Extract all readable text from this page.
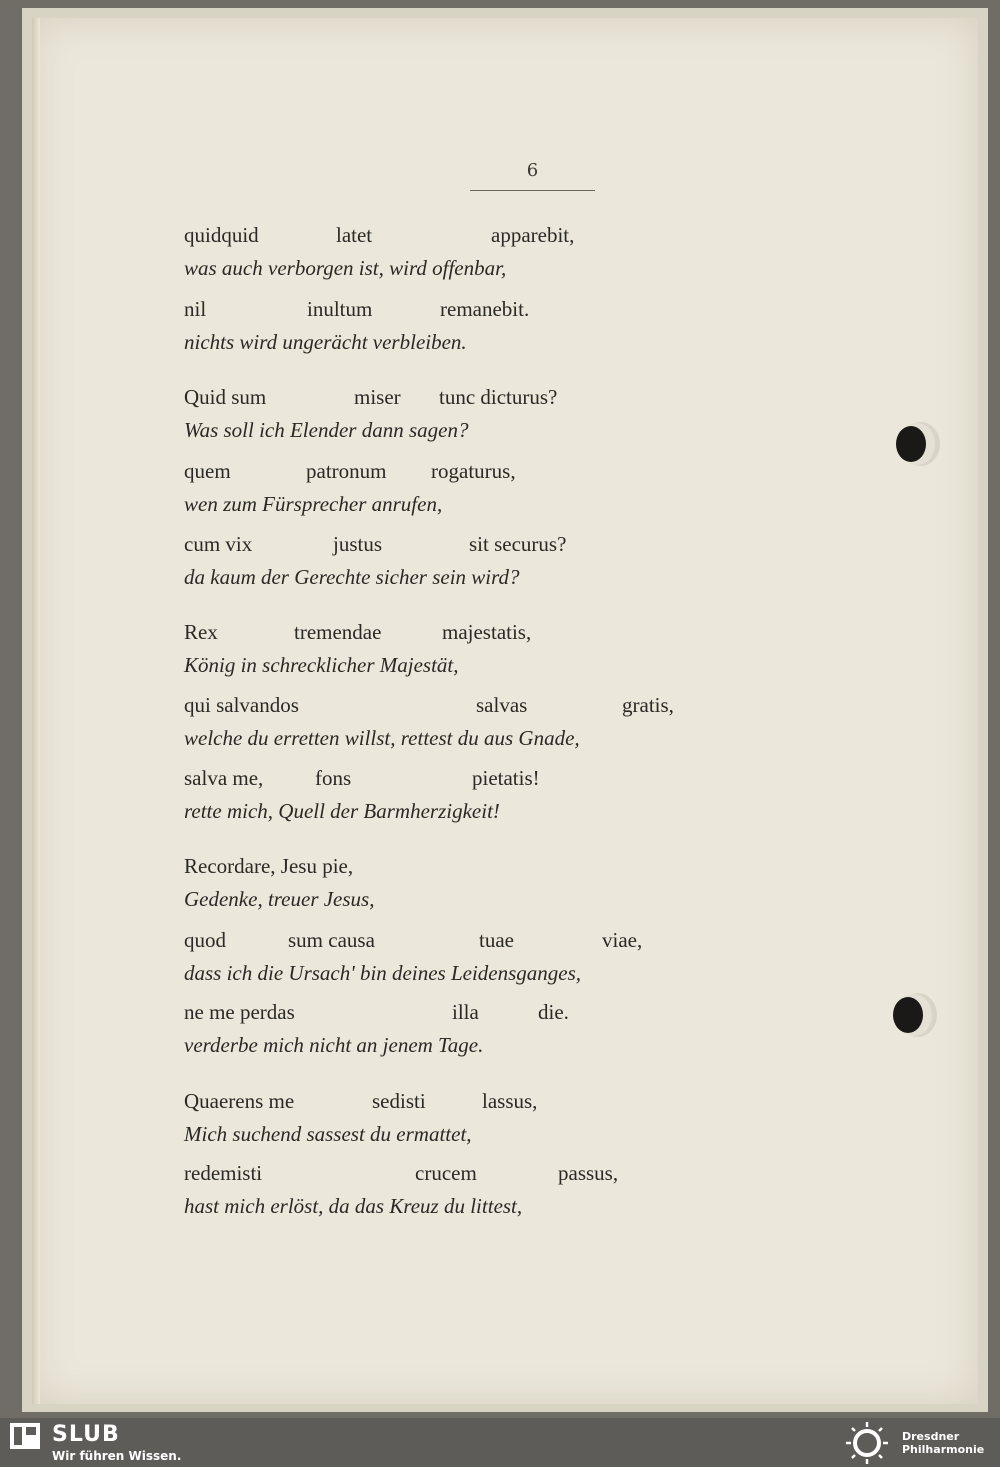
6
quidquid	latet	apparebit,
was auch verborgen ist, wird offenbar,
nil	inultum	remanebit.
nichts wird ungerächt verbleiben.
Quid sum	miser tunc dicturus?
Was soll ich Elender dann sagen?
quem	patronum rogaturus,
wen zum Fürsprecher anrufen,
cum vix	justus	sit securus?
da kaum der Gerechte sicher sein wird?
Rex	tremendae	majestatis,
König in schrecklicher Majestät,
qui salvandos	salvas	gratis,
welche du erretten willst, rettest du aus Gnade,
salva me, fons	pietatis!
rette mich, Quell der Barmherzigkeit!
Recordare, Jesu pie,
Gedenke, treuer Jesus,
quod	sum causa	tuae	viae,
dass ich die Ursach' bin deines Leidensganges,
ne me perdas	illa	die.
verderbe mich nicht an jenem Tage.
Quaerens me	sedisti	lassus,
Mich suchend sassest du ermattet,
redemisti	crucem	passus,
hast mich erlöst, da das Kreuz du littest,
SLUB
Wir führen Wissen.
Dresdner
Philharmonie
